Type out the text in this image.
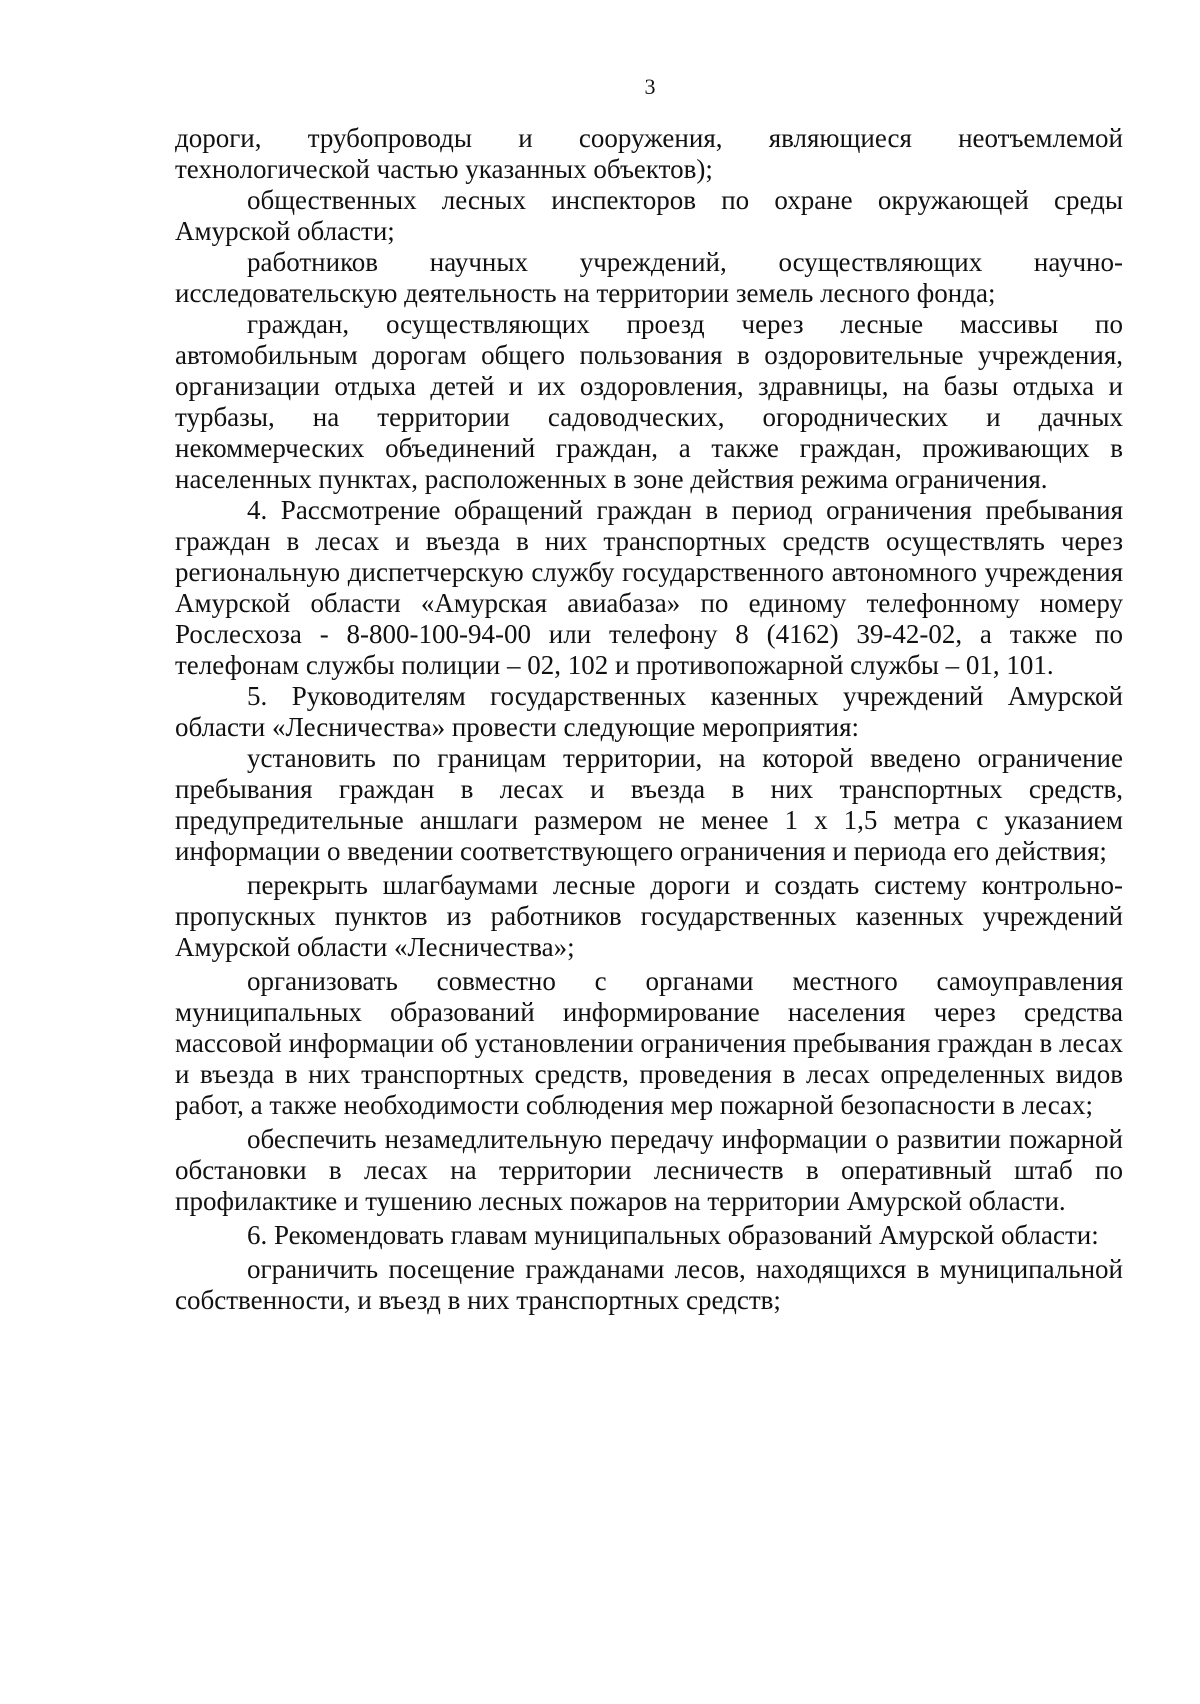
3

дороги, трубопроводы и сооружения, являющиеся неотъемлемой технологической частью указанных объектов);

общественных лесных инспекторов по охране окружающей среды Амурской области;

работников научных учреждений, осуществляющих научно-исследовательскую деятельность на территории земель лесного фонда;

граждан, осуществляющих проезд через лесные массивы по автомобильным дорогам общего пользования в оздоровительные учреждения, организации отдыха детей и их оздоровления, здравницы, на базы отдыха и турбазы, на территории садоводческих, огороднических и дачных некоммерческих объединений граждан, а также граждан, проживающих в населенных пунктах, расположенных в зоне действия режима ограничения.

4. Рассмотрение обращений граждан в период ограничения пребывания граждан в лесах и въезда в них транспортных средств осуществлять через региональную диспетчерскую службу государственного автономного учреждения Амурской области «Амурская авиабаза» по единому телефонному номеру Рослесхоза - 8-800-100-94-00 или телефону 8 (4162) 39-42-02, а также по телефонам службы полиции – 02, 102 и противопожарной службы – 01, 101.

5. Руководителям государственных казенных учреждений Амурской области «Лесничества» провести следующие мероприятия:

установить по границам территории, на которой введено ограничение пребывания граждан в лесах и въезда в них транспортных средств, предупредительные аншлаги размером не менее 1 х 1,5 метра с указанием информации о введении соответствующего ограничения и периода его действия;

перекрыть шлагбаумами лесные дороги и создать систему контрольно-пропускных пунктов из работников государственных казенных учреждений Амурской области «Лесничества»;

организовать совместно с органами местного самоуправления муниципальных образований информирование населения через средства массовой информации об установлении ограничения пребывания граждан в лесах и въезда в них транспортных средств, проведения в лесах определенных видов работ, а также необходимости соблюдения мер пожарной безопасности в лесах;

обеспечить незамедлительную передачу информации о развитии пожарной обстановки в лесах на территории лесничеств в оперативный штаб по профилактике и тушению лесных пожаров на территории Амурской области.

6. Рекомендовать главам муниципальных образований Амурской области:

ограничить посещение гражданами лесов, находящихся в муниципальной собственности, и въезд в них транспортных средств;
